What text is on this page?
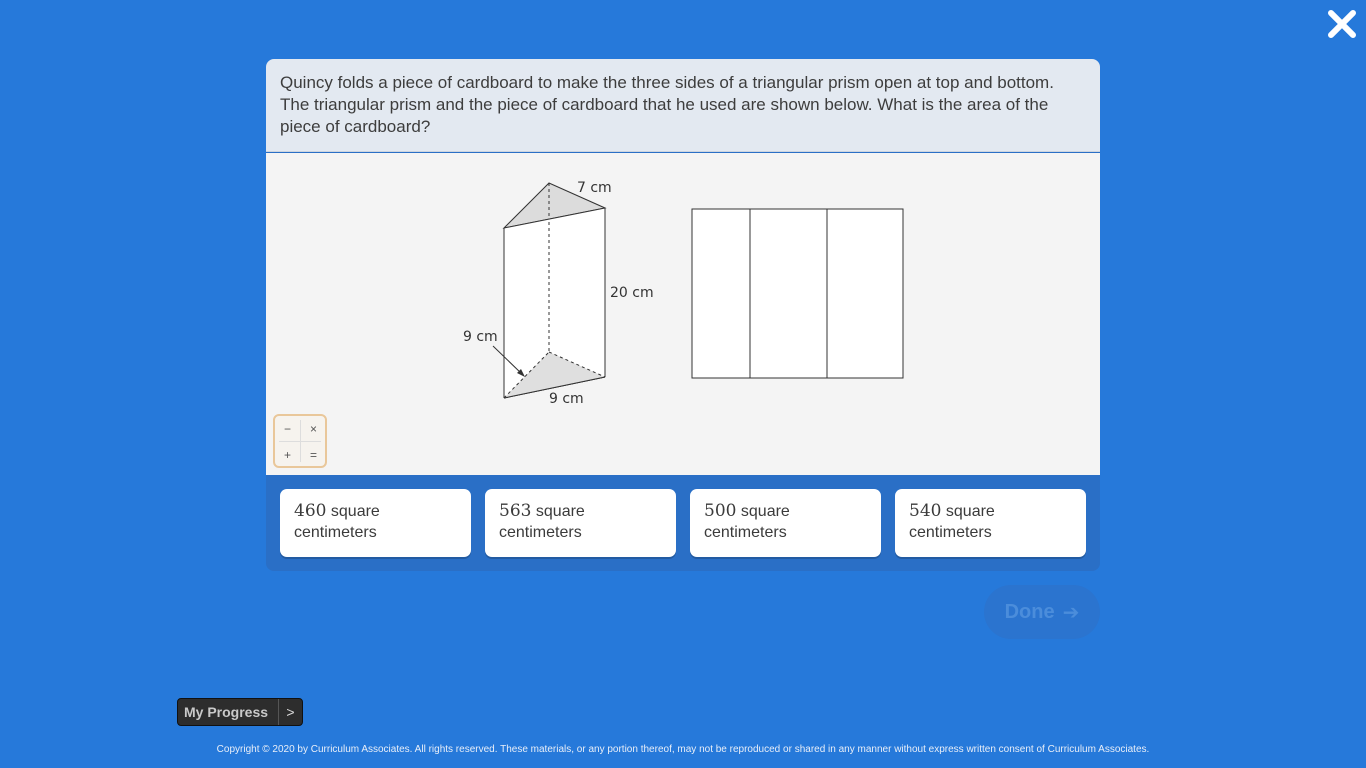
Quincy folds a piece of cardboard to make the three sides of a triangular prism open at top and bottom. The triangular prism and the piece of cardboard that he used are shown below. What is the area of the piece of cardboard?
7 cm
20 cm
9 cm
9 cm
−	×
+	=
460 square centimeters
563 square centimeters
500 square centimeters
540 square centimeters
Done ➔
My Progress	>
Copyright © 2020 by Curriculum Associates. All rights reserved. These materials, or any portion thereof, may not be reproduced or shared in any manner without express written consent of Curriculum Associates.
